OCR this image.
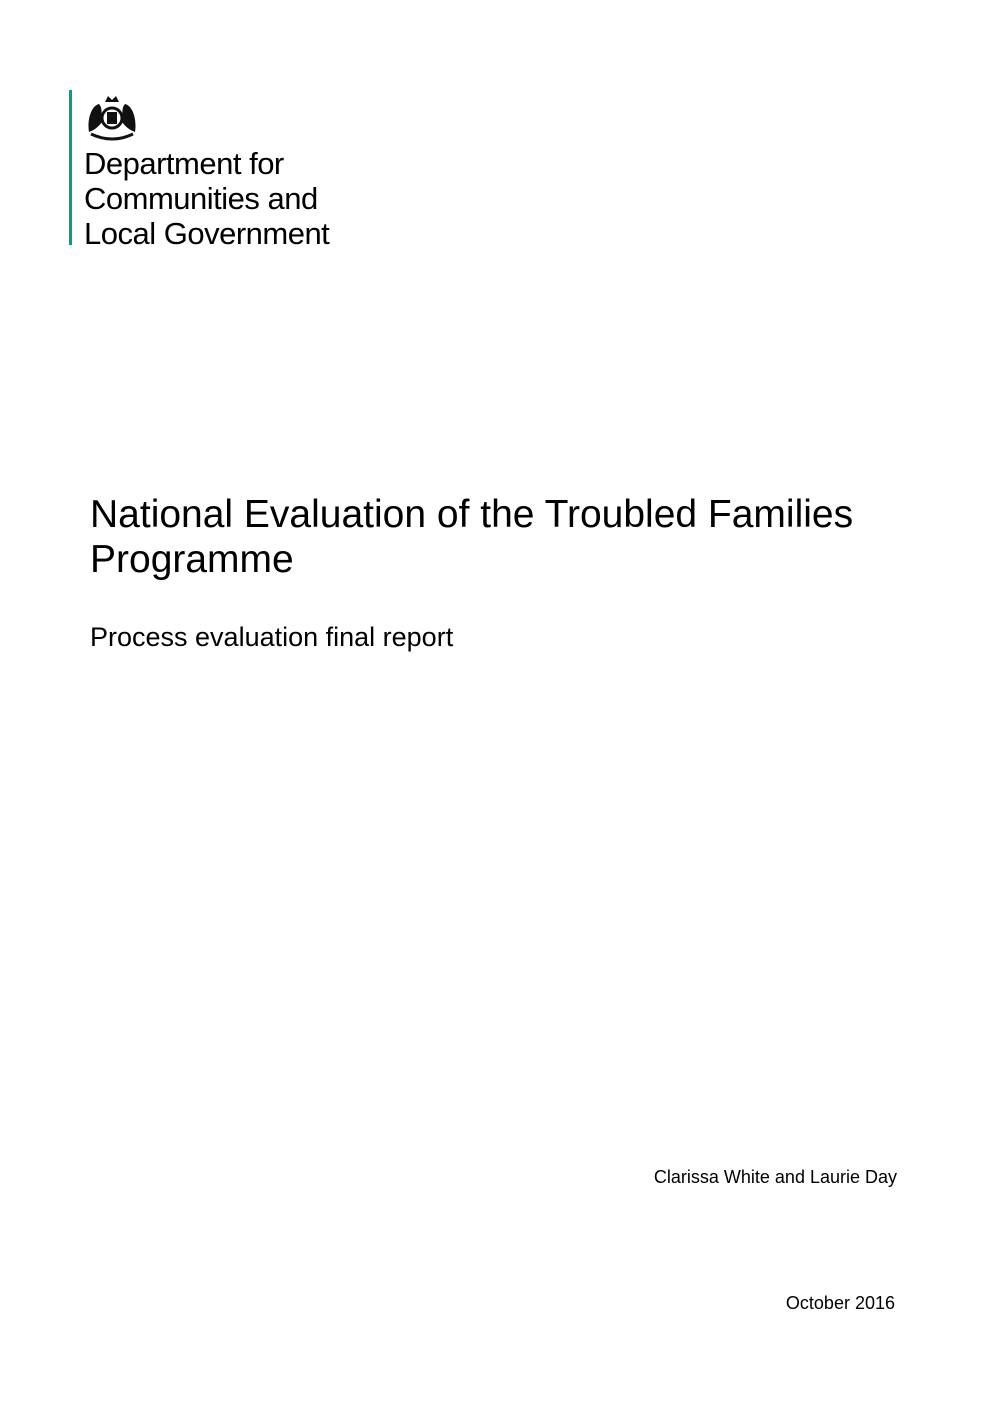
Department for
Communities and
Local Government
National Evaluation of the Troubled Families Programme
Process evaluation final report
Clarissa White and Laurie Day
October 2016
